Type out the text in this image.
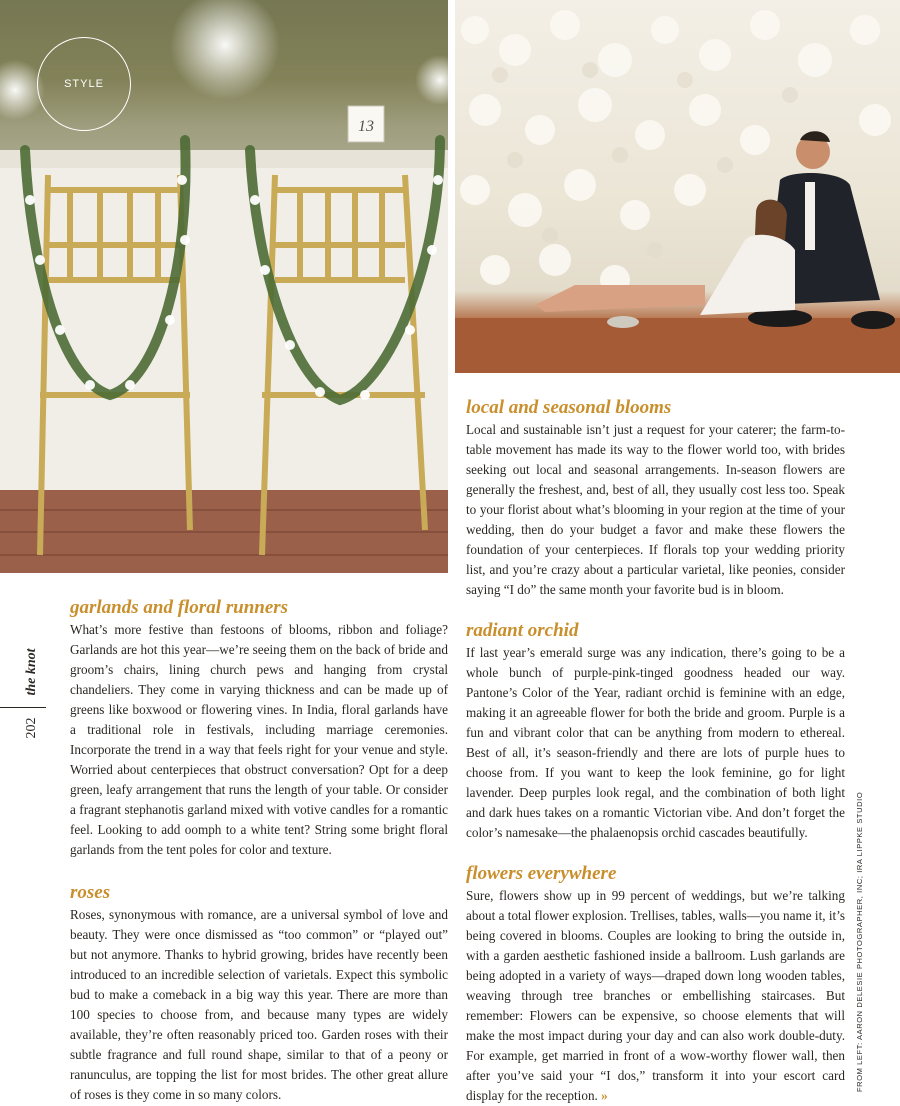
13
STYLE
garlands and floral runners

What’s more festive than festoons of blooms, ribbon and foliage? Garlands are hot this year—we’re seeing them on the back of bride and groom’s chairs, lining church pews and hanging from crystal chandeliers. They come in varying thickness and can be made up of greens like boxwood or flowering vines. In India, floral garlands have a traditional role in festivals, including marriage ceremonies. Incorporate the trend in a way that feels right for your venue and style. Worried about centerpieces that obstruct conversation? Opt for a deep green, leafy arrangement that runs the length of your table. Or consider a fragrant stephanotis garland mixed with votive candles for a romantic feel. Looking to add oomph to a white tent? String some bright floral garlands from the tent poles for color and texture.

roses

Roses, synonymous with romance, are a universal symbol of love and beauty. They were once dismissed as “too common” or “played out” but not anymore. Thanks to hybrid growing, brides have recently been introduced to an incredible selection of varietals. Expect this symbolic bud to make a comeback in a big way this year. There are more than 100 species to choose from, and because many types are widely available, they’re often reasonably priced too. Garden roses with their subtle fragrance and full round shape, similar to that of a peony or ranunculus, are topping the list for most brides. The other great allure of roses is they come in so many colors.

local and seasonal blooms

Local and sustainable isn’t just a request for your caterer; the farm-to-table movement has made its way to the flower world too, with brides seeking out local and seasonal arrangements. In-season flowers are generally the freshest, and, best of all, they usually cost less too. Speak to your florist about what’s blooming in your region at the time of your wedding, then do your budget a favor and make these flowers the foundation of your centerpieces. If florals top your wedding priority list, and you’re crazy about a particular varietal, like peonies, consider saying “I do” the same month your favorite bud is in bloom.

radiant orchid

If last year’s emerald surge was any indication, there’s going to be a whole bunch of purple-pink-tinged goodness headed our way. Pantone’s Color of the Year, radiant orchid is feminine with an edge, making it an agreeable flower for both the bride and groom. Purple is a fun and vibrant color that can be anything from modern to ethereal. Best of all, it’s season-friendly and there are lots of purple hues to choose from. If you want to keep the look feminine, go for light lavender. Deep purples look regal, and the combination of both light and dark hues takes on a romantic Victorian vibe. And don’t forget the color’s namesake—the phalaenopsis orchid cascades beautifully.

flowers everywhere

Sure, flowers show up in 99 percent of weddings, but we’re talking about a total flower explosion. Trellises, tables, walls—you name it, it’s being covered in blooms. Couples are looking to bring the outside in, with a garden aesthetic fashioned inside a ballroom. Lush garlands are being adopted in a variety of ways—draped down long wooden tables, weaving through tree branches or embellishing staircases. But remember: Flowers can be expensive, so choose elements that will make the most impact during your day and can also work double-duty. For example, get married in front of a wow-worthy flower wall, then after you’ve said your “I dos,” transform it into your escort card display for the reception. »

the knot
202
FROM LEFT: AARON DELESIE PHOTOGRAPHER, INC; IRA LIPPKE STUDIO
